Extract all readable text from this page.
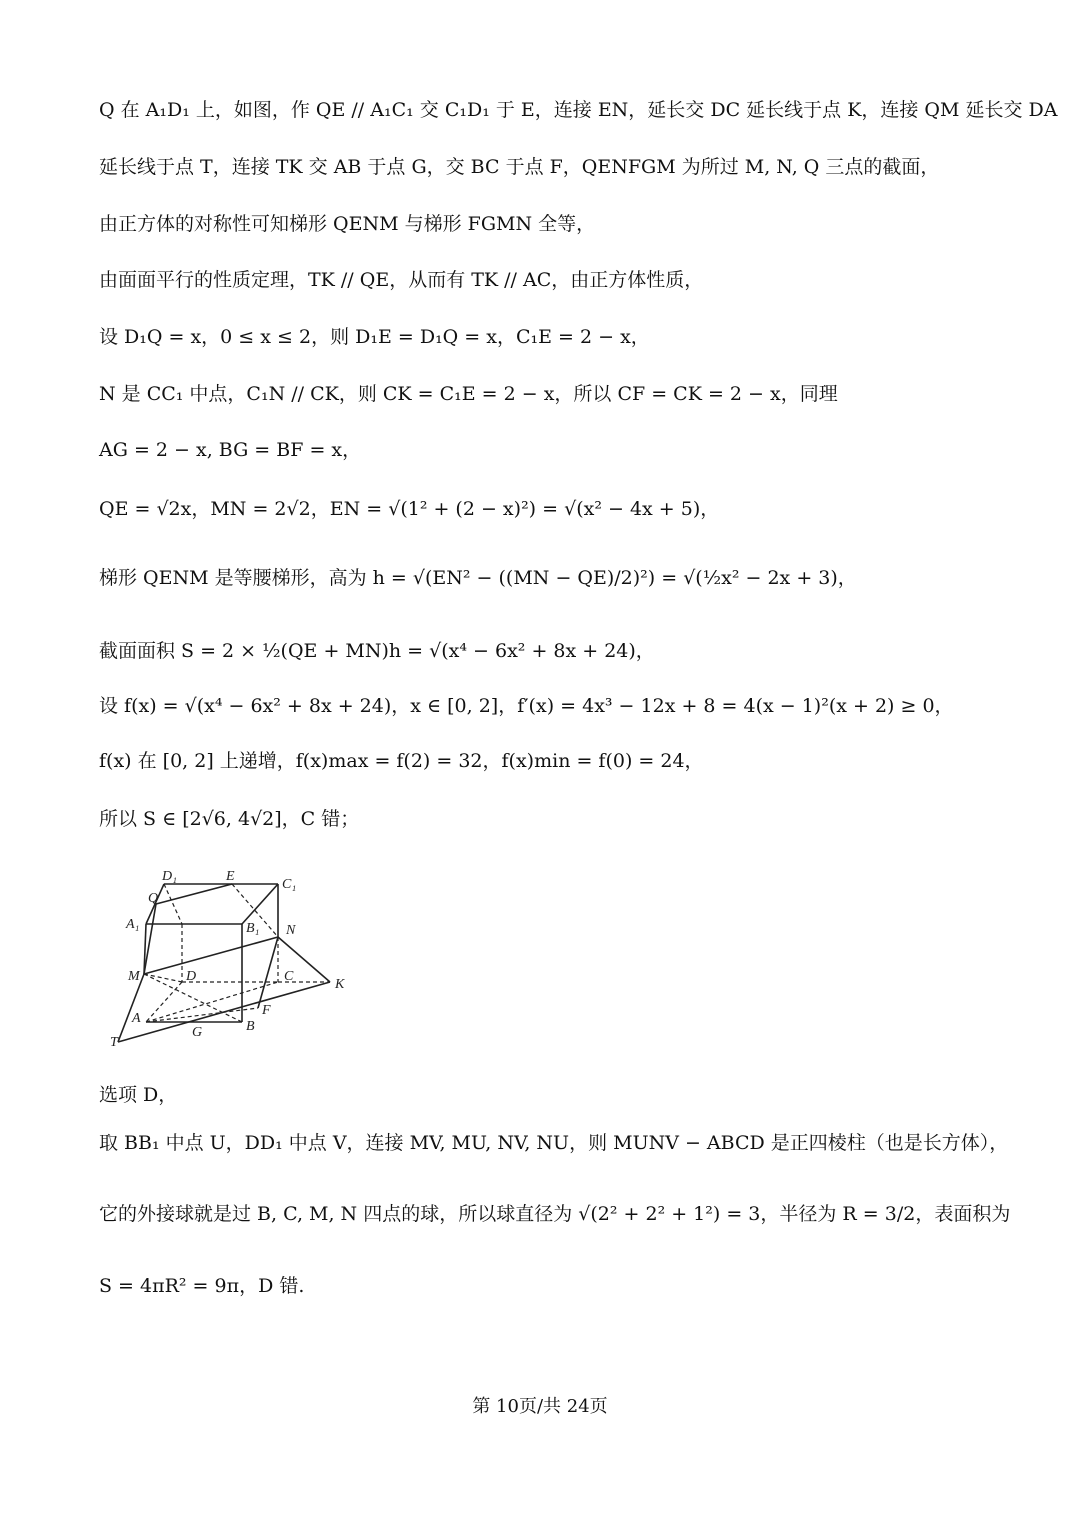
Q 在 A₁D₁ 上，如图，作 QE // A₁C₁ 交 C₁D₁ 于 E，连接 EN，延长交 DC 延长线于点 K，连接 QM 延长交 DA
延长线于点 T，连接 TK 交 AB 于点 G，交 BC 于点 F，QENFGM 为所过 M, N, Q 三点的截面，
由正方体的对称性可知梯形 QENM 与梯形 FGMN 全等，
由面面平行的性质定理，TK // QE，从而有 TK // AC，由正方体性质，
设 D₁Q = x，0 ≤ x ≤ 2，则 D₁E = D₁Q = x，C₁E = 2 − x，
N 是 CC₁ 中点，C₁N // CK，则 CK = C₁E = 2 − x，所以 CF = CK = 2 − x，同理
AG = 2 − x, BG = BF = x，
QE = √2x，MN = 2√2，EN = √(1² + (2 − x)²) = √(x² − 4x + 5)，
梯形 QENM 是等腰梯形，高为 h = √(EN² − ((MN − QE)/2)²) = √(½x² − 2x + 3)，
截面面积 S = 2 × ½(QE + MN)h = √(x⁴ − 6x² + 8x + 24)，
设 f(x) = √(x⁴ − 6x² + 8x + 24)，x ∈ [0, 2]，f′(x) = 4x³ − 12x + 8 = 4(x − 1)²(x + 2) ≥ 0，
f(x) 在 [0, 2] 上递增，f(x)max = f(2) = 32，f(x)min = f(0) = 24，
所以 S ∈ [2√6, 4√2]，C 错；
D₁	E
C₁
Q
A₁	B₁ N
M	D	C
K
A
F
G	B
T
选项 D，
取 BB₁ 中点 U，DD₁ 中点 V，连接 MV, MU, NV, NU，则 MUNV − ABCD 是正四棱柱（也是长方体），
它的外接球就是过 B, C, M, N 四点的球，所以球直径为 √(2² + 2² + 1²) = 3，半径为 R = 3/2，表面积为
S = 4πR² = 9π，D 错.
第 10页/共 24页
